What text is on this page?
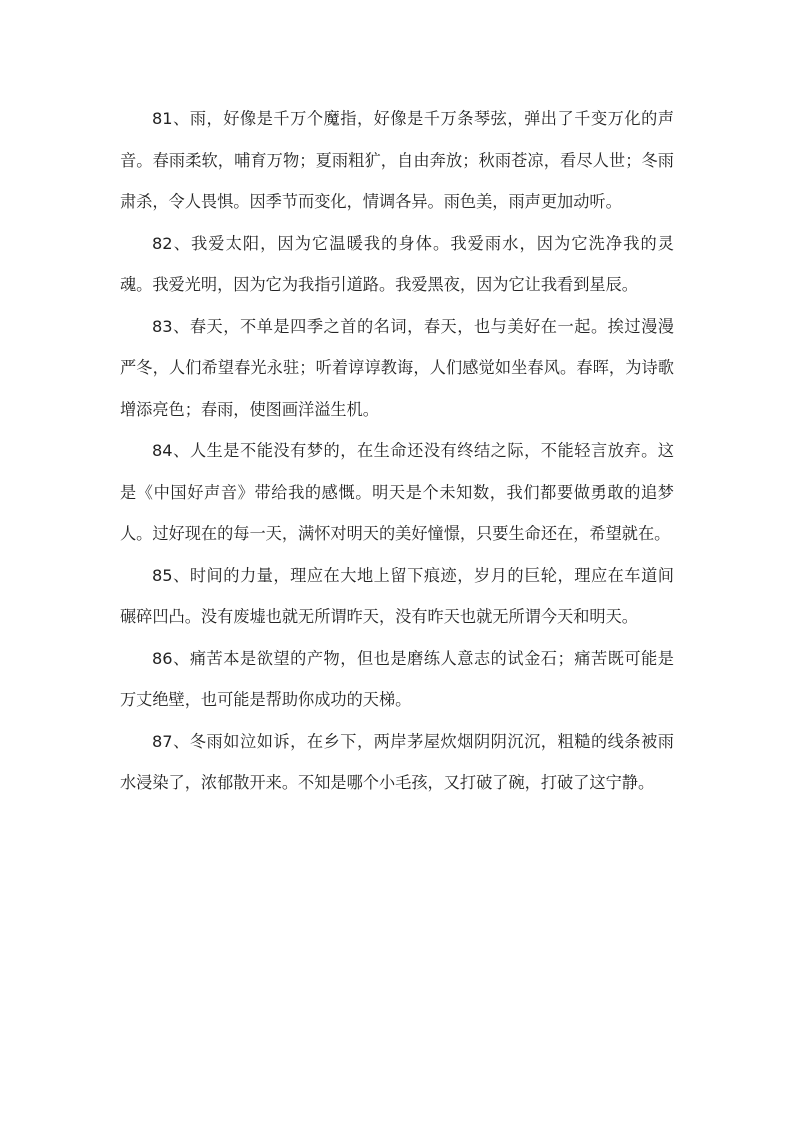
81、雨，好像是千万个魔指，好像是千万条琴弦，弹出了千变万化的声音。春雨柔软，哺育万物；夏雨粗犷，自由奔放；秋雨苍凉，看尽人世；冬雨肃杀，令人畏惧。因季节而变化，情调各异。雨色美，雨声更加动听。

82、我爱太阳，因为它温暖我的身体。我爱雨水，因为它洗净我的灵魂。我爱光明，因为它为我指引道路。我爱黑夜，因为它让我看到星辰。

83、春天，不单是四季之首的名词，春天，也与美好在一起。挨过漫漫严冬，人们希望春光永驻；听着谆谆教诲，人们感觉如坐春风。春晖，为诗歌增添亮色；春雨，使图画洋溢生机。

84、人生是不能没有梦的，在生命还没有终结之际，不能轻言放弃。这是《中国好声音》带给我的感慨。明天是个未知数，我们都要做勇敢的追梦人。过好现在的每一天，满怀对明天的美好憧憬，只要生命还在，希望就在。

85、时间的力量，理应在大地上留下痕迹，岁月的巨轮，理应在车道间碾碎凹凸。没有废墟也就无所谓昨天，没有昨天也就无所谓今天和明天。

86、痛苦本是欲望的产物，但也是磨练人意志的试金石；痛苦既可能是万丈绝壁，也可能是帮助你成功的天梯。

87、冬雨如泣如诉，在乡下，两岸茅屋炊烟阴阴沉沉，粗糙的线条被雨水浸染了，浓郁散开来。不知是哪个小毛孩，又打破了碗，打破了这宁静。
